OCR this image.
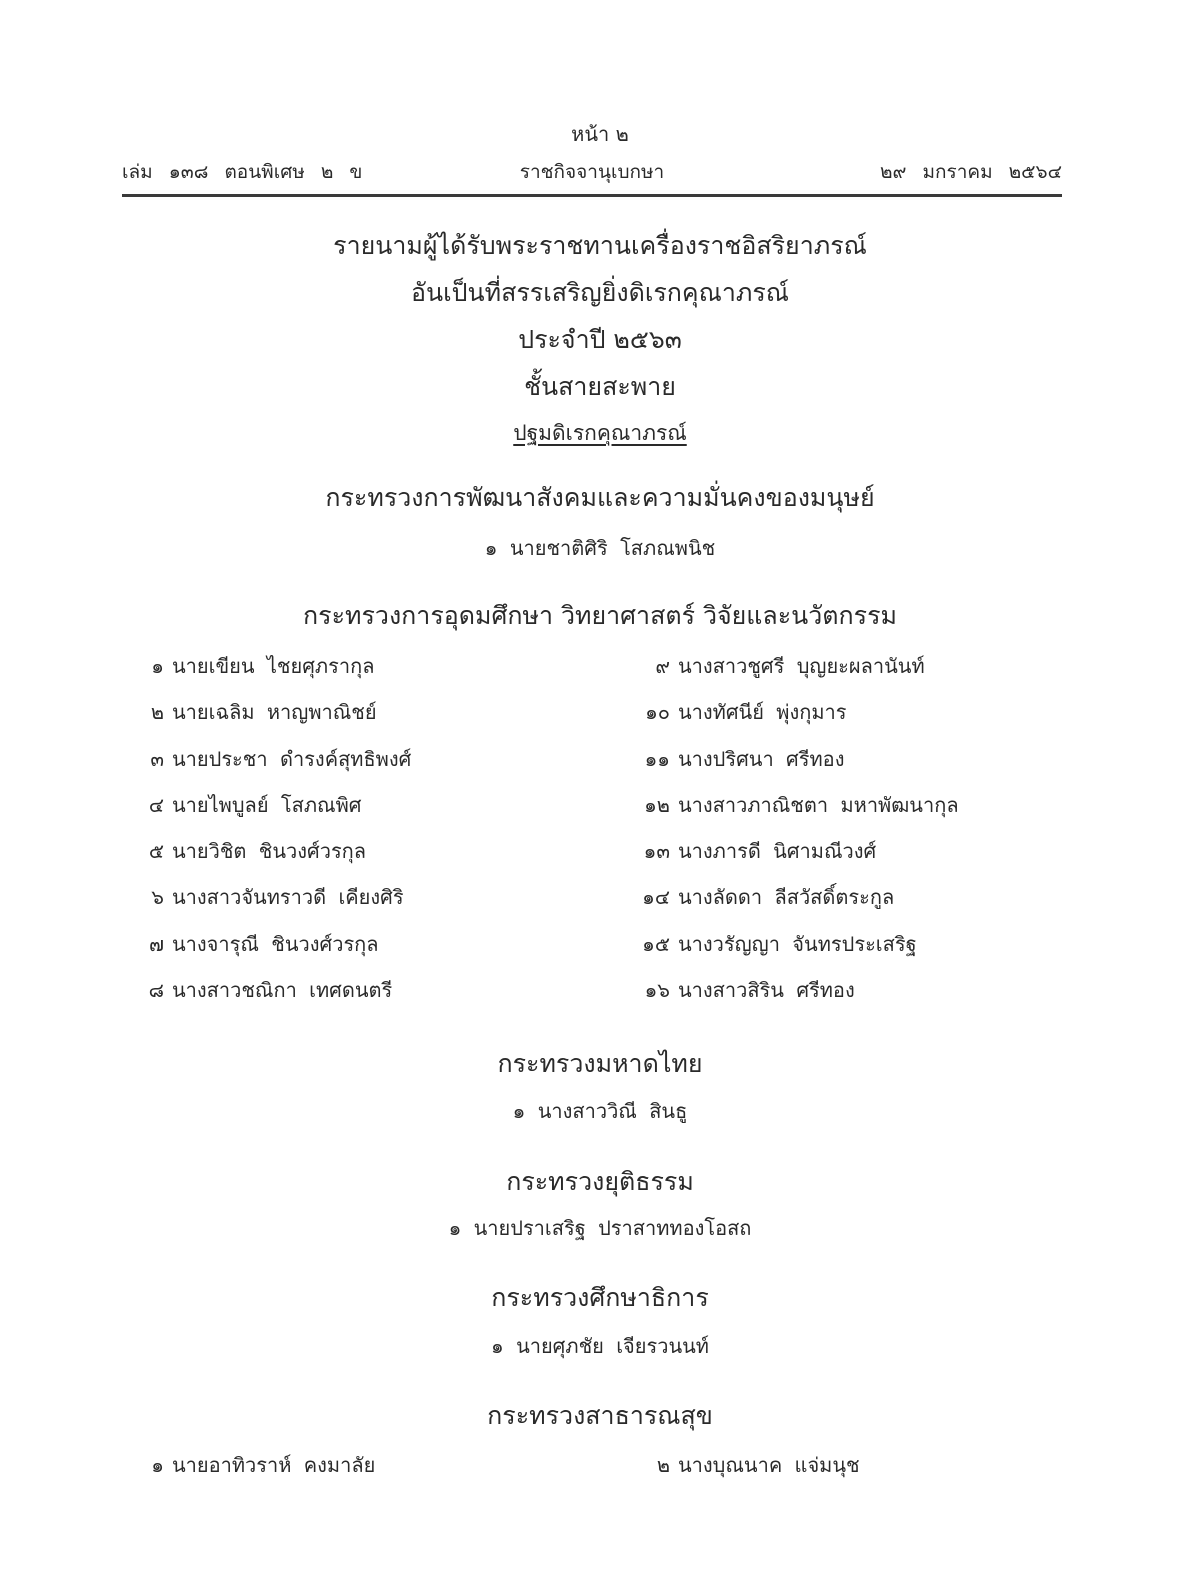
หน้า ๒
ราชกิจจานุเบกษา
เล่ม ๑๓๘ ตอนพิเศษ ๒ ข	๒๙ มกราคม ๒๕๖๔
รายนามผู้ได้รับพระราชทานเครื่องราชอิสริยาภรณ์
อันเป็นที่สรรเสริญยิ่งดิเรกคุณาภรณ์
ประจำปี ๒๕๖๓
ชั้นสายสะพาย
ปฐมดิเรกคุณาภรณ์
กระทรวงการพัฒนาสังคมและความมั่นคงของมนุษย์
๑ นายชาติศิริ โสภณพนิช
กระทรวงการอุดมศึกษา วิทยาศาสตร์ วิจัยและนวัตกรรม
๑ นายเขียน ไชยศุภรากุล
๒ นายเฉลิม หาญพาณิชย์
๓ นายประชา ดำรงค์สุทธิพงศ์
๔ นายไพบูลย์ โสภณพิศ
๕ นายวิชิต ชินวงศ์วรกุล
๖ นางสาวจันทราวดี เคียงศิริ
๗ นางจารุณี ชินวงศ์วรกุล
๘ นางสาวชณิกา เทศดนตรี
๙ นางสาวชูศรี บุญยะผลานันท์
๑๐ นางทัศนีย์ พุ่งกุมาร
๑๑ นางปริศนา ศรีทอง
๑๒ นางสาวภาณิชตา มหาพัฒนากุล
๑๓ นางภารดี นิศามณีวงศ์
๑๔ นางลัดดา ลีสวัสดิ์ตระกูล
๑๕ นางวรัญญา จันทรประเสริฐ
๑๖ นางสาวสิริน ศรีทอง
กระทรวงมหาดไทย
๑ นางสาววิณี สินธู
กระทรวงยุติธรรม
๑ นายปราเสริฐ ปราสาททองโอสถ
กระทรวงศึกษาธิการ
๑ นายศุภชัย เจียรวนนท์
กระทรวงสาธารณสุข
๑ นายอาทิวราห์ คงมาลัย	๒ นางบุณนาค แจ่มนุช
